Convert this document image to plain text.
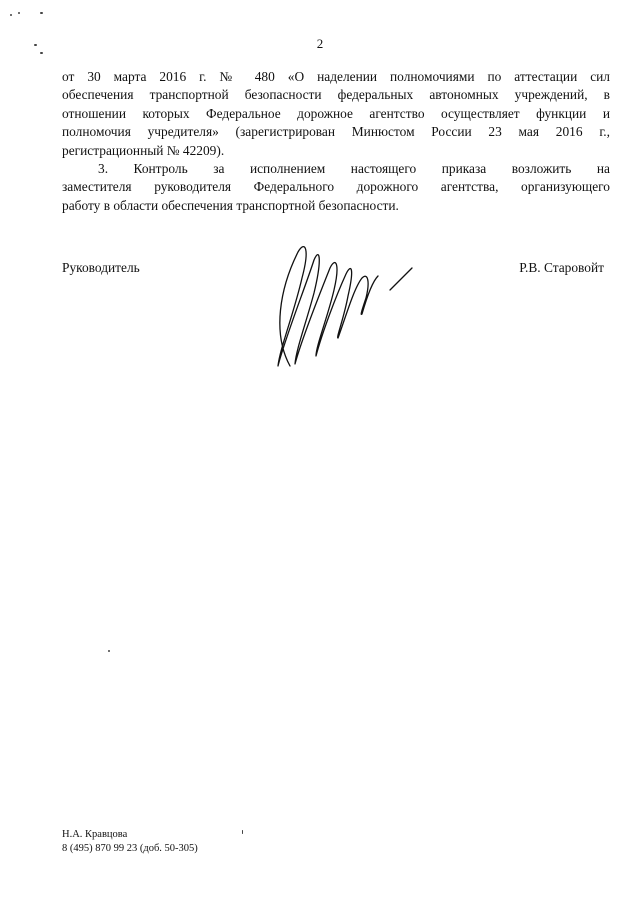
2
от 30 марта 2016 г. № 480 «О наделении полномочиями по аттестации сил
обеспечения транспортной безопасности федеральных автономных учреждений, в
отношении которых Федеральное дорожное агентство осуществляет функции и
полномочия учредителя» (зарегистрирован Минюстом России 23 мая 2016 г.,
регистрационный № 42209).
3. Контроль за исполнением настоящего приказа возложить на
заместителя руководителя Федерального дорожного агентства, организующего
работу в области обеспечения транспортной безопасности.
Руководитель	Р.В. Старовойт
Н.А. Кравцова
8 (495) 870 99 23 (доб. 50-305)
